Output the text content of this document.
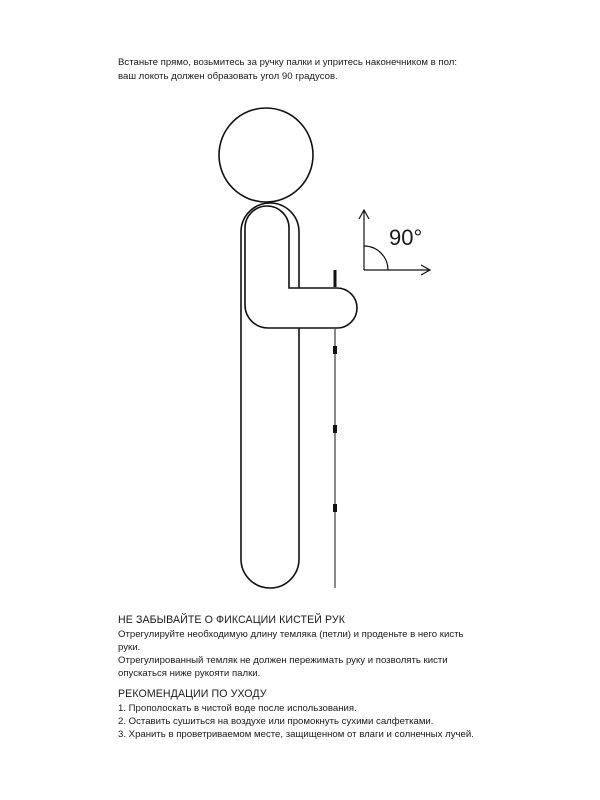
Встаньте прямо, возьмитесь за ручку палки и упритесь наконечником в пол:

ваш локоть должен образовать угол 90 градусов.

90°
НЕ ЗАБЫВАЙТЕ О ФИКСАЦИИ КИСТЕЙ РУК

Отрегулируйте необходимую длину темляка (петли) и проденьте в него кисть

руки.

Отрегулированный темляк не должен пережимать руку и позволять кисти

опускаться ниже рукояти палки.

РЕКОМЕНДАЦИИ ПО УХОДУ

1. Прополоскать в чистой воде после использования.

2. Оставить сушиться на воздухе или промокнуть сухими салфетками.

3. Хранить в проветриваемом месте, защищенном от влаги и солнечных лучей.
